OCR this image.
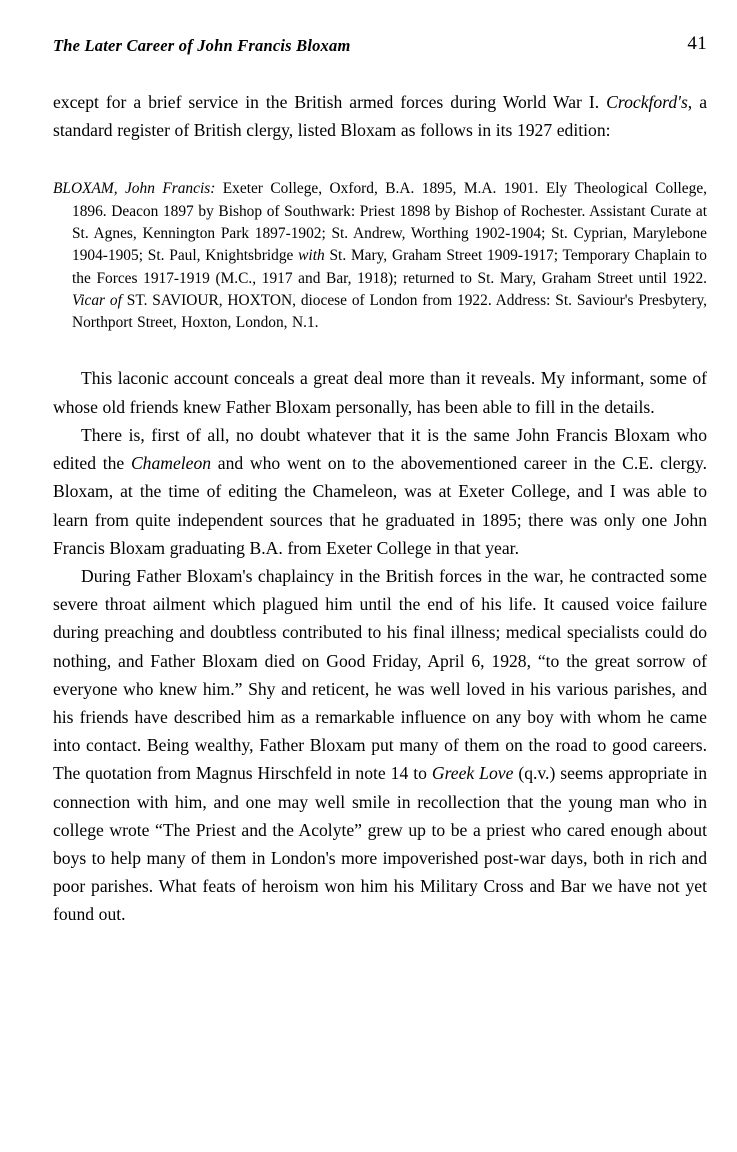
The Later Career of John Francis Bloxam	41

except for a brief service in the British armed forces during World War I. Crockford's, a standard register of British clergy, listed Bloxam as follows in its 1927 edition:

BLOXAM, John Francis: Exeter College, Oxford, B.A. 1895, M.A. 1901. Ely Theological College, 1896. Deacon 1897 by Bishop of Southwark: Priest 1898 by Bishop of Rochester. Assistant Curate at St. Agnes, Kennington Park 1897-1902; St. Andrew, Worthing 1902-1904; St. Cyprian, Marylebone 1904-1905; St. Paul, Knightsbridge with St. Mary, Graham Street 1909-1917; Temporary Chaplain to the Forces 1917-1919 (M.C., 1917 and Bar, 1918); returned to St. Mary, Graham Street until 1922. Vicar of ST. SAVIOUR, HOXTON, diocese of London from 1922. Address: St. Saviour's Presbytery, Northport Street, Hoxton, London, N.1.

This laconic account conceals a great deal more than it reveals. My informant, some of whose old friends knew Father Bloxam personally, has been able to fill in the details.

There is, first of all, no doubt whatever that it is the same John Francis Bloxam who edited the Chameleon and who went on to the abovementioned career in the C.E. clergy. Bloxam, at the time of editing the Chameleon, was at Exeter College, and I was able to learn from quite independent sources that he graduated in 1895; there was only one John Francis Bloxam graduating B.A. from Exeter College in that year.

During Father Bloxam's chaplaincy in the British forces in the war, he contracted some severe throat ailment which plagued him until the end of his life. It caused voice failure during preaching and doubtless contributed to his final illness; medical specialists could do nothing, and Father Bloxam died on Good Friday, April 6, 1928, “to the great sorrow of everyone who knew him.” Shy and reticent, he was well loved in his various parishes, and his friends have described him as a remarkable influence on any boy with whom he came into contact. Being wealthy, Father Bloxam put many of them on the road to good careers. The quotation from Magnus Hirschfeld in note 14 to Greek Love (q.v.) seems appropriate in connection with him, and one may well smile in recollection that the young man who in college wrote “The Priest and the Acolyte” grew up to be a priest who cared enough about boys to help many of them in London's more impoverished post-war days, both in rich and poor parishes. What feats of heroism won him his Military Cross and Bar we have not yet found out.
